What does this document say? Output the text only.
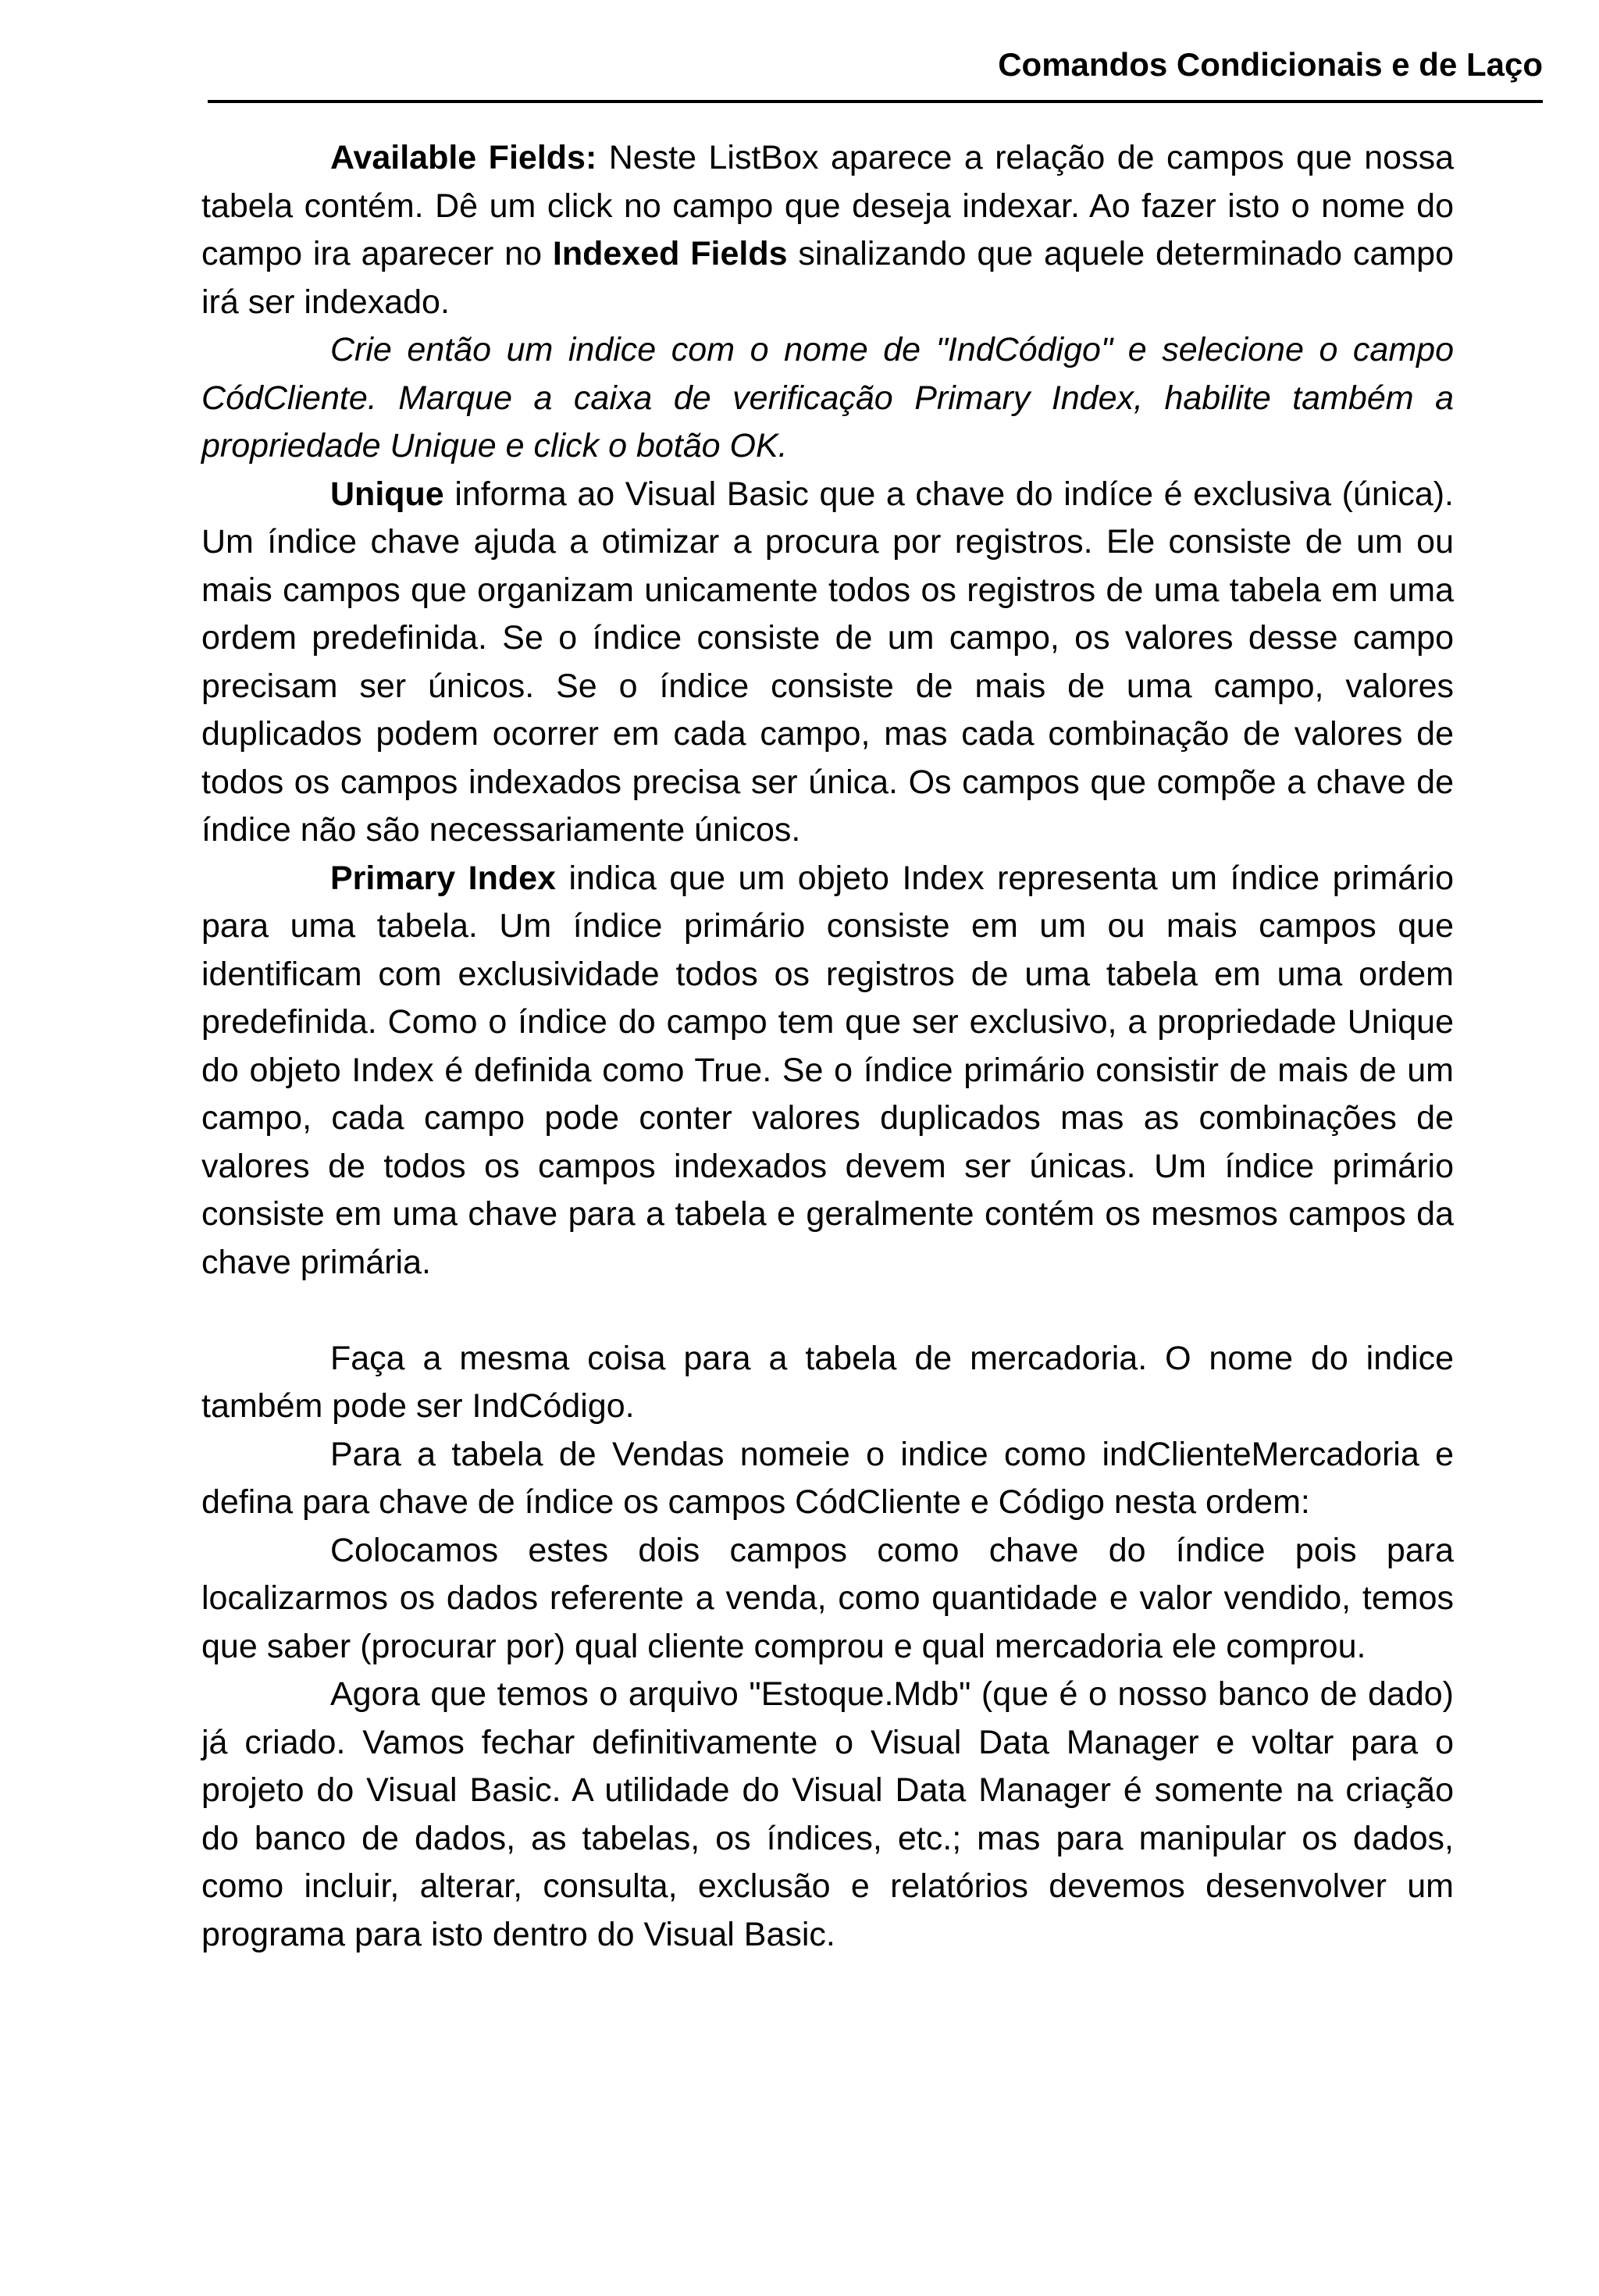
Comandos Condicionais e de Laço

Available Fields: Neste ListBox aparece a relação de campos que nossa tabela contém. Dê um click no campo que deseja indexar. Ao fazer isto o nome do campo ira aparecer no Indexed Fields sinalizando que aquele determinado campo irá ser indexado.

Crie então um indice com o nome de "IndCódigo" e selecione o campo CódCliente. Marque a caixa de verificação Primary Index, habilite também a propriedade Unique e click o botão OK.

Unique informa ao Visual Basic que a chave do indíce é exclusiva (única). Um índice chave ajuda a otimizar a procura por registros. Ele consiste de um ou mais campos que organizam unicamente todos os registros de uma tabela em uma ordem predefinida. Se o índice consiste de um campo, os valores desse campo precisam ser únicos. Se o índice consiste de mais de uma campo, valores duplicados podem ocorrer em cada campo, mas cada combinação de valores de todos os campos indexados precisa ser única. Os campos que compõe a chave de índice não são necessariamente únicos.

Primary Index indica que um objeto Index representa um índice primário para uma tabela. Um índice primário consiste em um ou mais campos que identificam com exclusividade todos os registros de uma tabela em uma ordem predefinida. Como o índice do campo tem que ser exclusivo, a propriedade Unique do objeto Index é definida como True. Se o índice primário consistir de mais de um campo, cada campo pode conter valores duplicados mas as combinações de valores de todos os campos indexados devem ser únicas. Um índice primário consiste em uma chave para a tabela e geralmente contém os mesmos campos da chave primária.

Faça a mesma coisa para a tabela de mercadoria. O nome do indice também pode ser IndCódigo.

Para a tabela de Vendas nomeie o indice como indClienteMercadoria e defina para chave de índice os campos CódCliente e Código nesta ordem:

Colocamos estes dois campos como chave do índice pois para localizarmos os dados referente a venda, como quantidade e valor vendido, temos que saber (procurar por) qual cliente comprou e qual mercadoria ele comprou.

Agora que temos o arquivo "Estoque.Mdb" (que é o nosso banco de dado) já criado. Vamos fechar definitivamente o Visual Data Manager e voltar para o projeto do Visual Basic. A utilidade do Visual Data Manager é somente na criação do banco de dados, as tabelas, os índices, etc.; mas para manipular os dados, como incluir, alterar, consulta, exclusão e relatórios devemos desenvolver um programa para isto dentro do Visual Basic.
